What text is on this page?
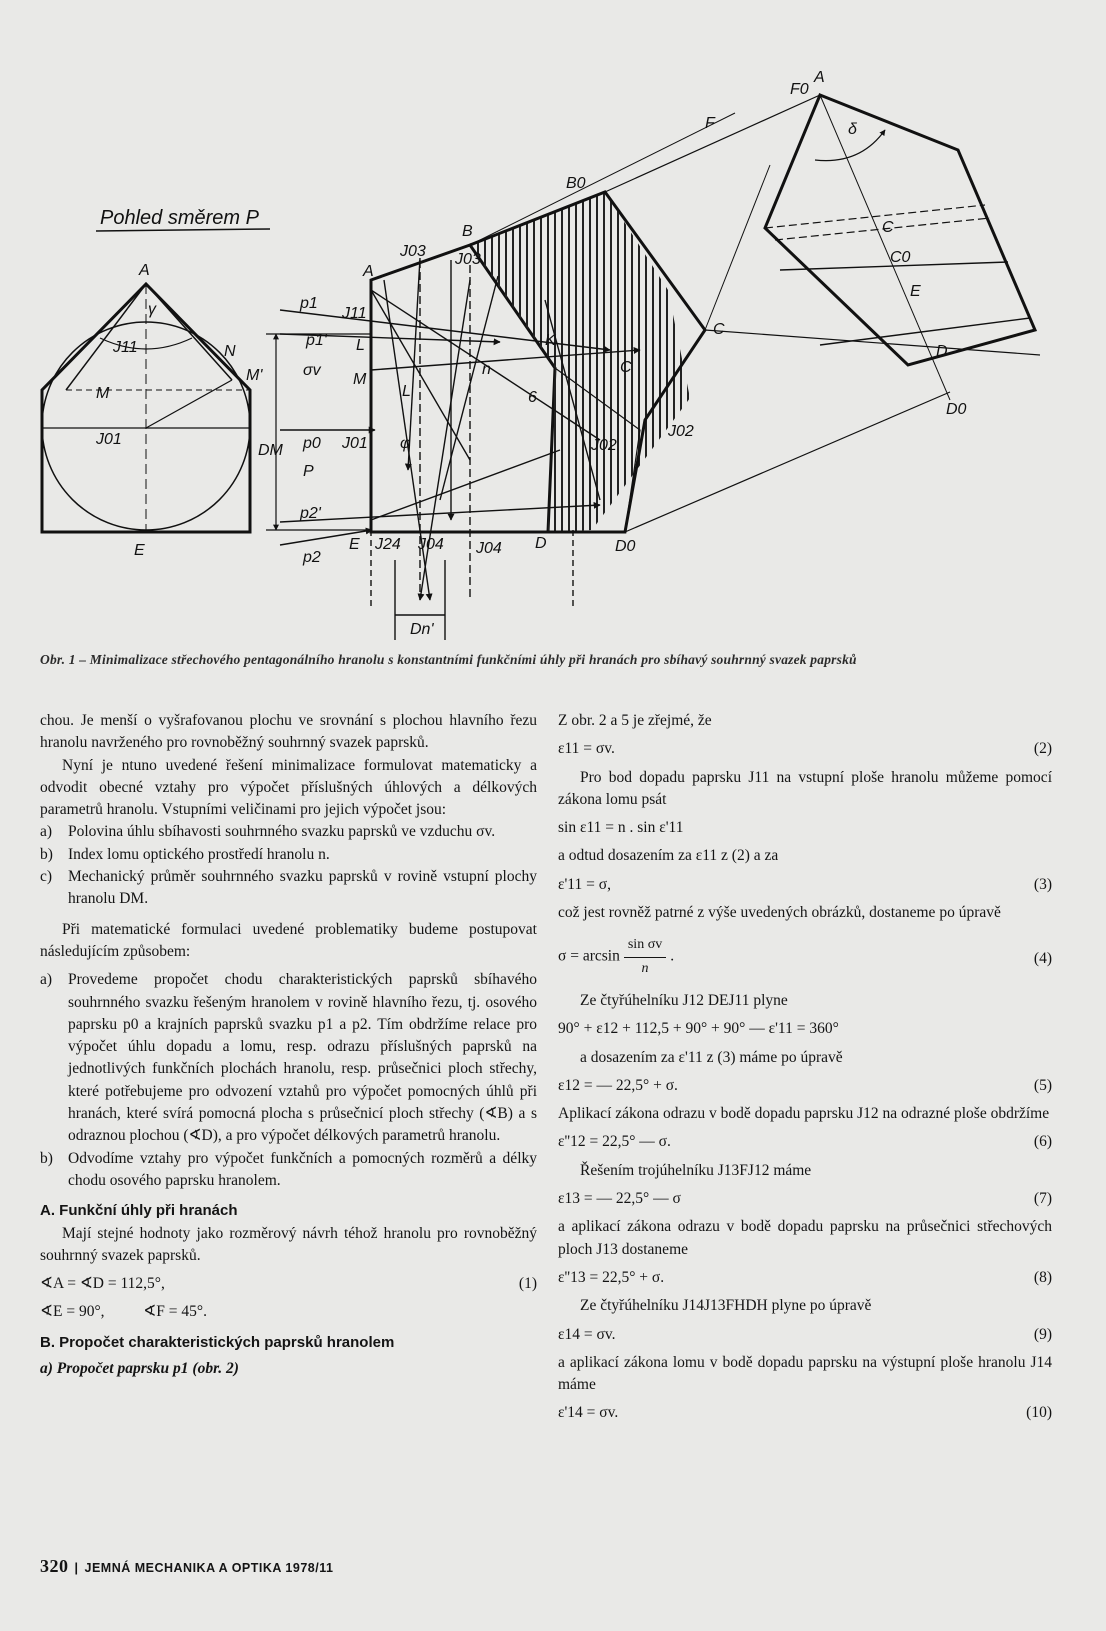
Pohled směrem P
A	A
N
M
M'
J11
J01
E
γ
DM
p1
p1'
σv
p0
P
p2'
p2
J11
L
M
J01 φ
L
n
K
6
B
B0
J03 J03
C
C
J02
J02
D	D0
E J24 J04 J04
Dn'
F0
A
F
C
C0
E
D
D0
δ
Obr. 1 – Minimalizace střechového pentagonálního hranolu s konstantními funkčními úhly při hranách pro sbíhavý souhrnný svazek paprsků

chou. Je menší o vyšrafovanou plochu ve srovnání s plochou hlavního řezu hranolu navrženého pro rovnoběžný souhrnný svazek paprsků.

Nyní je ntuno uvedené řešení minimalizace formulovat matematicky a odvodit obecné vztahy pro výpočet příslušných úhlových a délkových parametrů hranolu. Vstupními veličinami pro jejich výpočet jsou:

a)	Polovina úhlu sbíhavosti souhrnného svazku paprsků ve vzduchu σv.
b) Index lomu optického prostředí hranolu n.
c)	Mechanický průměr souhrnného svazku paprsků v rovině vstupní plochy hranolu DM.

Při matematické formulaci uvedené problematiky budeme postupovat následujícím způsobem:

a)	Provedeme propočet chodu charakteristických paprsků sbíhavého souhrnného svazku řešeným hranolem v rovině hlavního řezu, tj. osového paprsku p0 a krajních paprsků svazku p1 a p2. Tím obdržíme relace pro výpočet úhlu dopadu a lomu, resp. odrazu příslušných paprsků na jednotlivých funkčních plochách hranolu, resp. průsečnici ploch střechy, které potřebujeme pro odvození vztahů pro výpočet pomocných úhlů při hranách, které svírá pomocná plocha s průsečnicí ploch střechy (∢B) a s odraznou plochou (∢D), a pro výpočet délkových parametrů hranolu.
b) Odvodíme vztahy pro výpočet funkčních a pomocných rozměrů a délky chodu osového paprsku hranolem.

A. Funkční úhly při hranách

Mají stejné hodnoty jako rozměrový návrh téhož hranolu pro rovnoběžný souhrnný svazek paprsků.

∢A = ∢D = 112,5°,	(1)

∢E = 90°,          ∢F = 45°.

B. Propočet charakteristických paprsků hranolem

a) Propočet paprsku p1 (obr. 2)

Z obr. 2 a 5 je zřejmé, že

ε11 = σv.	(2)

Pro bod dopadu paprsku J11 na vstupní ploše hranolu můžeme pomocí zákona lomu psát

sin ε11 = n . sin ε'11

a odtud dosazením za ε11 z (2) a za

ε'11 = σ,	(3)

což jest rovněž patrné z výše uvedených obrázků, dostaneme po úpravě

$\sigma = \arcsin \frac{\text{sin σv}}{n}$ .	(4)

Ze čtyřúhelníku J12 DEJ11 plyne

90° + ε12 + 112,5 + 90° + 90° — ε'11 = 360°

a dosazením za ε'11 z (3) máme po úpravě

ε12 = — 22,5° + σ.	(5)

Aplikací zákona odrazu v bodě dopadu paprsku J12 na odrazné ploše obdržíme

ε''12 = 22,5° — σ.	(6)

Řešením trojúhelníku J13FJ12 máme

ε13 = — 22,5° — σ	(7)

a aplikací zákona odrazu v bodě dopadu paprsku na průsečnici střechových ploch J13 dostaneme

ε''13 = 22,5° + σ.	(8)

Ze čtyřúhelníku J14J13FHDH plyne po úpravě

ε14 = σv.	(9)

a aplikací zákona lomu v bodě dopadu paprsku na výstupní ploše hranolu J14 máme

ε'14 = σv.	(10)

320 | JEMNÁ MECHANIKA A OPTIKA 1978/11
